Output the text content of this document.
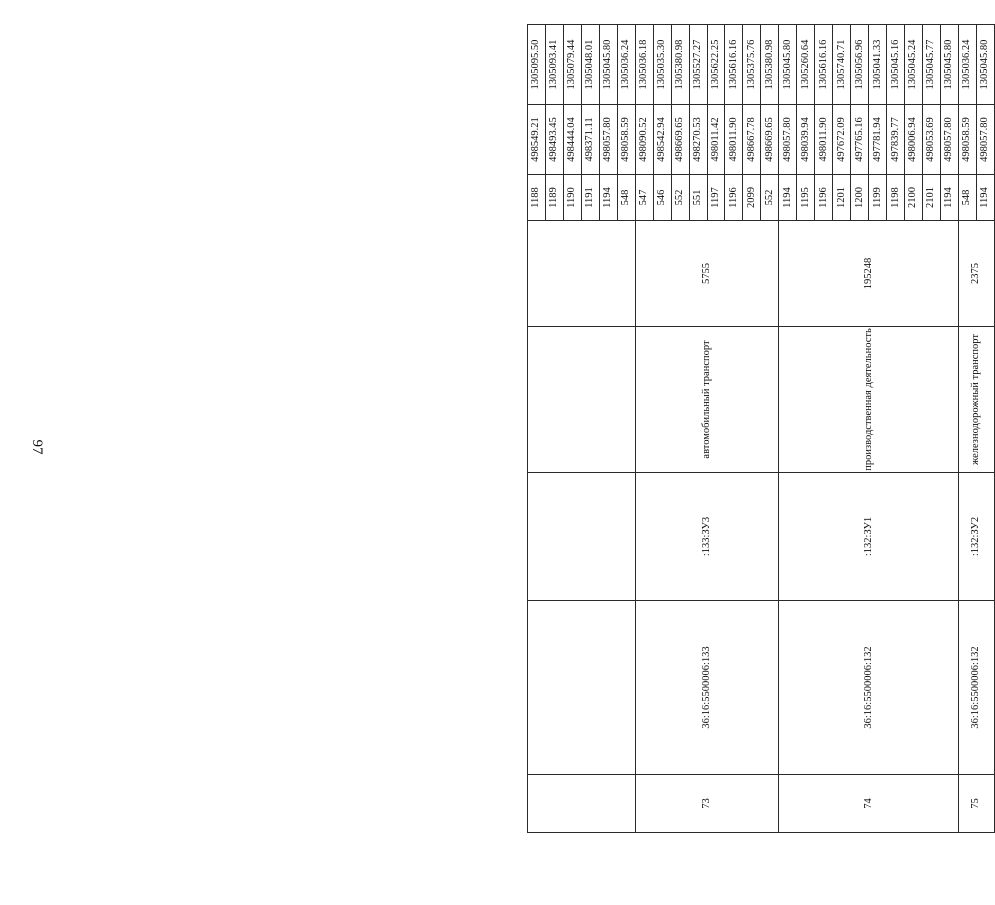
97
					1188	498549.21	1305095.50
					1189	498493.45	1305093.41
					1190	498444.04	1305079.44
					1191	498371.11	1305048.01
					1194	498057.80	1305045.80
					548	498058.59	1305036.24
73	36:16:5500006:133	:133:ЗУ3	автомобильный транспорт	5755	547	498090.52	1305036.18
					546	498542.94	1305035.30
					552	498669.65	1305380.98
					551	498270.53	1305527.27
					1197	498011.42	1305622.25
					1196	498011.90	1305616.16
					2099	498667.78	1305375.76
					552	498669.65	1305380.98
74	36:16:5500006:132	:132:ЗУ1	производственная деятельность	195248	1194	498057.80	1305045.80
					1195	498039.94	1305260.64
					1196	498011.90	1305616.16
					1201	497672.09	1305740.71
					1200	497765.16	1305056.96
					1199	497781.94	1305041.33
					1198	497839.77	1305045.16
					2100	498006.94	1305045.24
					2101	498053.69	1305045.77
					1194	498057.80	1305045.80
75	36:16:5500006:132	:132:ЗУ2	железнодорожный транспорт	2375	548	498058.59	1305036.24
					1194	498057.80	1305045.80
